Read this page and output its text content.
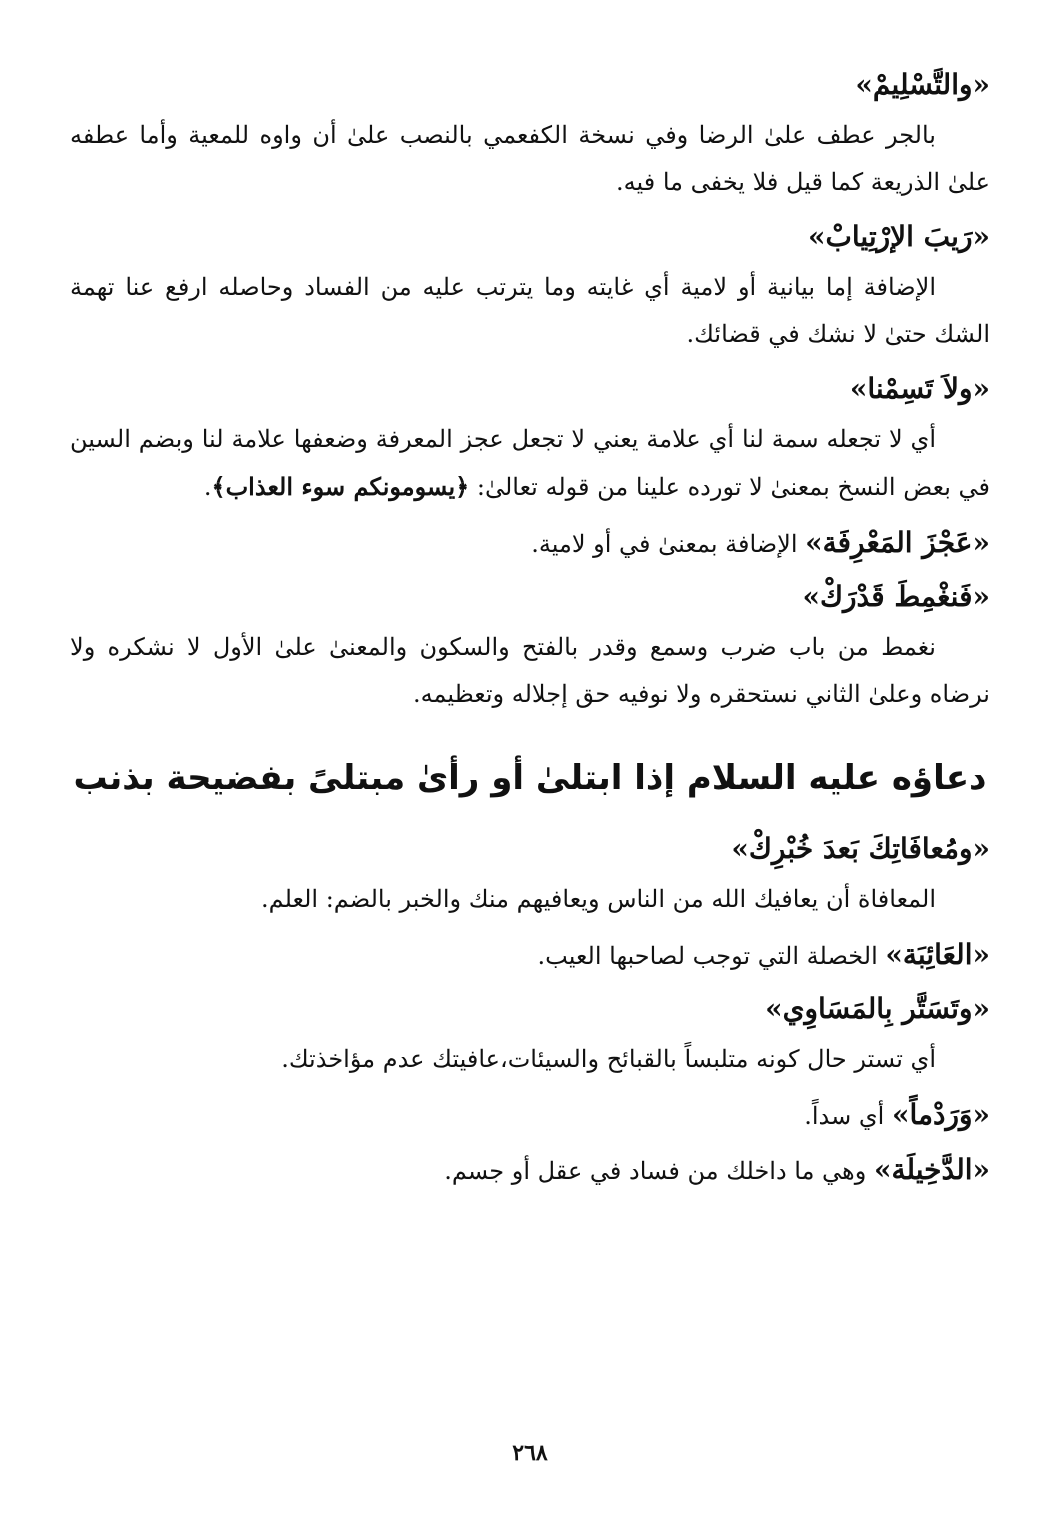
«والتَّسْلِيمْ»

بالجر عطف علىٰ الرضا وفي نسخة الكفعمي بالنصب علىٰ أن واوه للمعية وأما عطفه علىٰ الذريعة كما قيل فلا يخفى ما فيه.

«رَيبَ الإرْتِيابْ»

الإضافة إما بيانية أو لامية أي غايته وما يترتب عليه من الفساد وحاصله ارفع عنا تهمة الشك حتىٰ لا نشك في قضائك.

«ولاَ تَسِمْنا»

أي لا تجعله سمة لنا أي علامة يعني لا تجعل عجز المعرفة وضعفها علامة لنا وبضم السين في بعض النسخ بمعنىٰ لا توردە علينا من قوله تعالىٰ: ﴿يسومونكم سوء العذاب﴾.

«عَجْزَ المَعْرِفَة» الإضافة بمعنىٰ في أو لامية.
«فَنغْمِطَ قَدْرَكْ»

نغمط من باب ضرب وسمع وقدر بالفتح والسكون والمعنىٰ علىٰ الأول لا نشكره ولا نرضاه وعلىٰ الثاني نستحقره ولا نوفيه حق إجلاله وتعظيمه.

دعاؤه عليه السلام إذا ابتلىٰ أو رأىٰ مبتلىً بفضيحة بذنب
«ومُعافَاتِكَ بَعدَ خُبْرِكْ»

المعافاة أن يعافيك الله من الناس ويعافيهم منك والخبر بالضم: العلم.

«العَائِبَة» الخصلة التي توجب لصاحبها العيب.
«وتَسَتَّر بِالمَسَاوِي»

أي تستر حال كونه متلبساً بالقبائح والسيئات،عافيتك عدم مؤاخذتك.

«وَرَدْماً» أي سداً.
«الدَّخِيلَة» وهي ما داخلك من فساد في عقل أو جسم.
٢٦٨
